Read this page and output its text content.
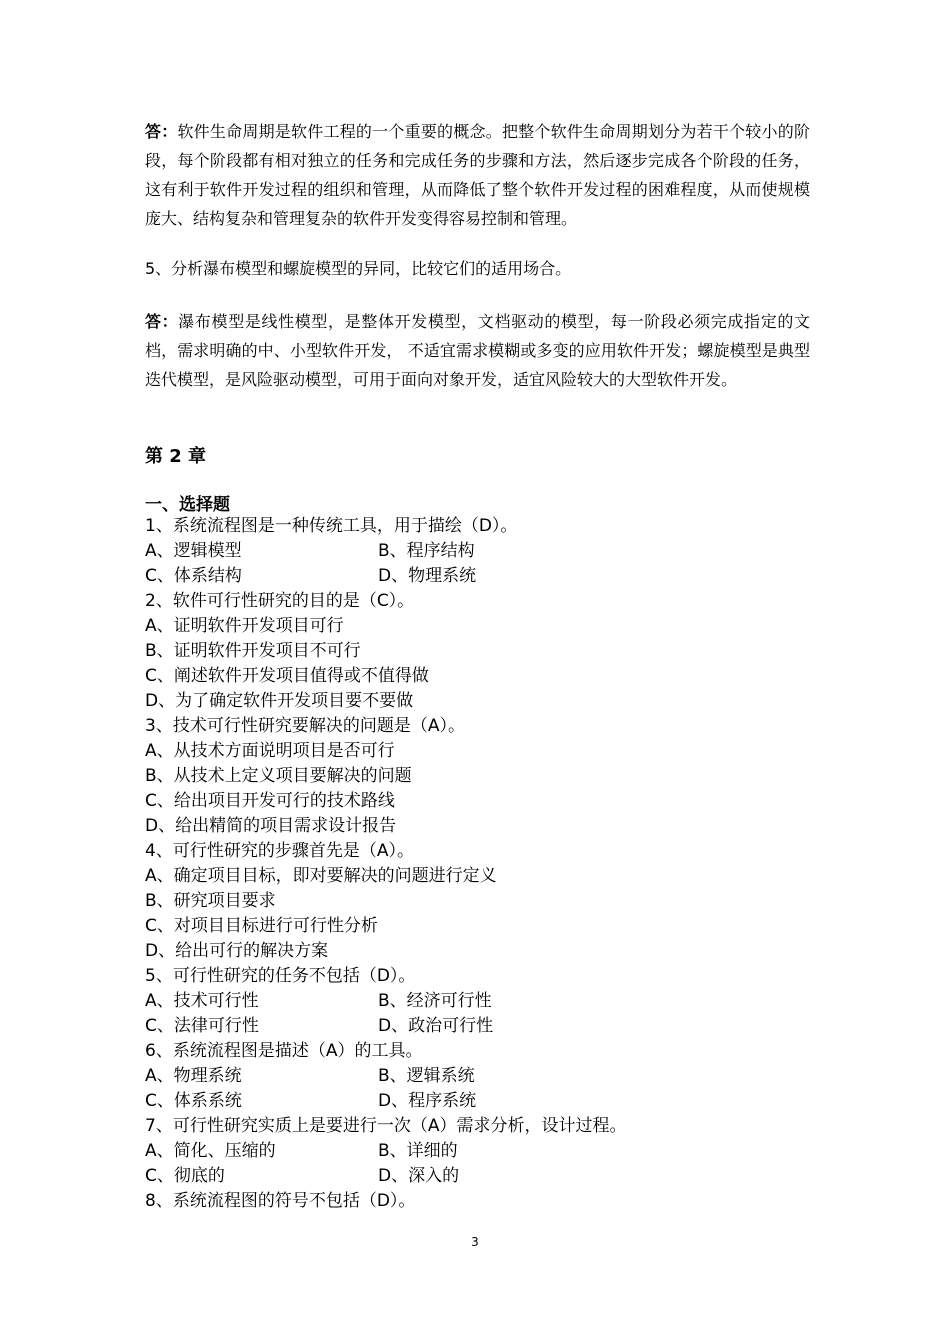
答：软件生命周期是软件工程的一个重要的概念。把整个软件生命周期划分为若干个较小的阶段，每个阶段都有相对独立的任务和完成任务的步骤和方法，然后逐步完成各个阶段的任务，这有利于软件开发过程的组织和管理，从而降低了整个软件开发过程的困难程度，从而使规模庞大、结构复杂和管理复杂的软件开发变得容易控制和管理。
5、分析瀑布模型和螺旋模型的异同，比较它们的适用场合。
答：瀑布模型是线性模型，是整体开发模型，文档驱动的模型，每一阶段必须完成指定的文档，需求明确的中、小型软件开发， 不适宜需求模糊或多变的应用软件开发；螺旋模型是典型迭代模型，是风险驱动模型，可用于面向对象开发，适宜风险较大的大型软件开发。
第 2 章
一、选择题
1、系统流程图是一种传统工具，用于描绘（D）。
A、逻辑模型	B、程序结构
C、体系结构	D、物理系统
2、软件可行性研究的目的是（C）。
A、证明软件开发项目可行
B、证明软件开发项目不可行
C、阐述软件开发项目值得或不值得做
D、为了确定软件开发项目要不要做
3、技术可行性研究要解决的问题是（A）。
A、从技术方面说明项目是否可行
B、从技术上定义项目要解决的问题
C、给出项目开发可行的技术路线
D、给出精简的项目需求设计报告
4、可行性研究的步骤首先是（A）。
A、确定项目目标，即对要解决的问题进行定义
B、研究项目要求
C、对项目目标进行可行性分析
D、给出可行的解决方案
5、可行性研究的任务不包括（D）。
A、技术可行性	B、经济可行性
C、法律可行性	D、政治可行性
6、系统流程图是描述（A）的工具。
A、物理系统	B、逻辑系统
C、体系系统	D、程序系统
7、可行性研究实质上是要进行一次（A）需求分析，设计过程。
A、简化、压缩的	B、详细的
C、彻底的	D、深入的
8、系统流程图的符号不包括（D）。
3
